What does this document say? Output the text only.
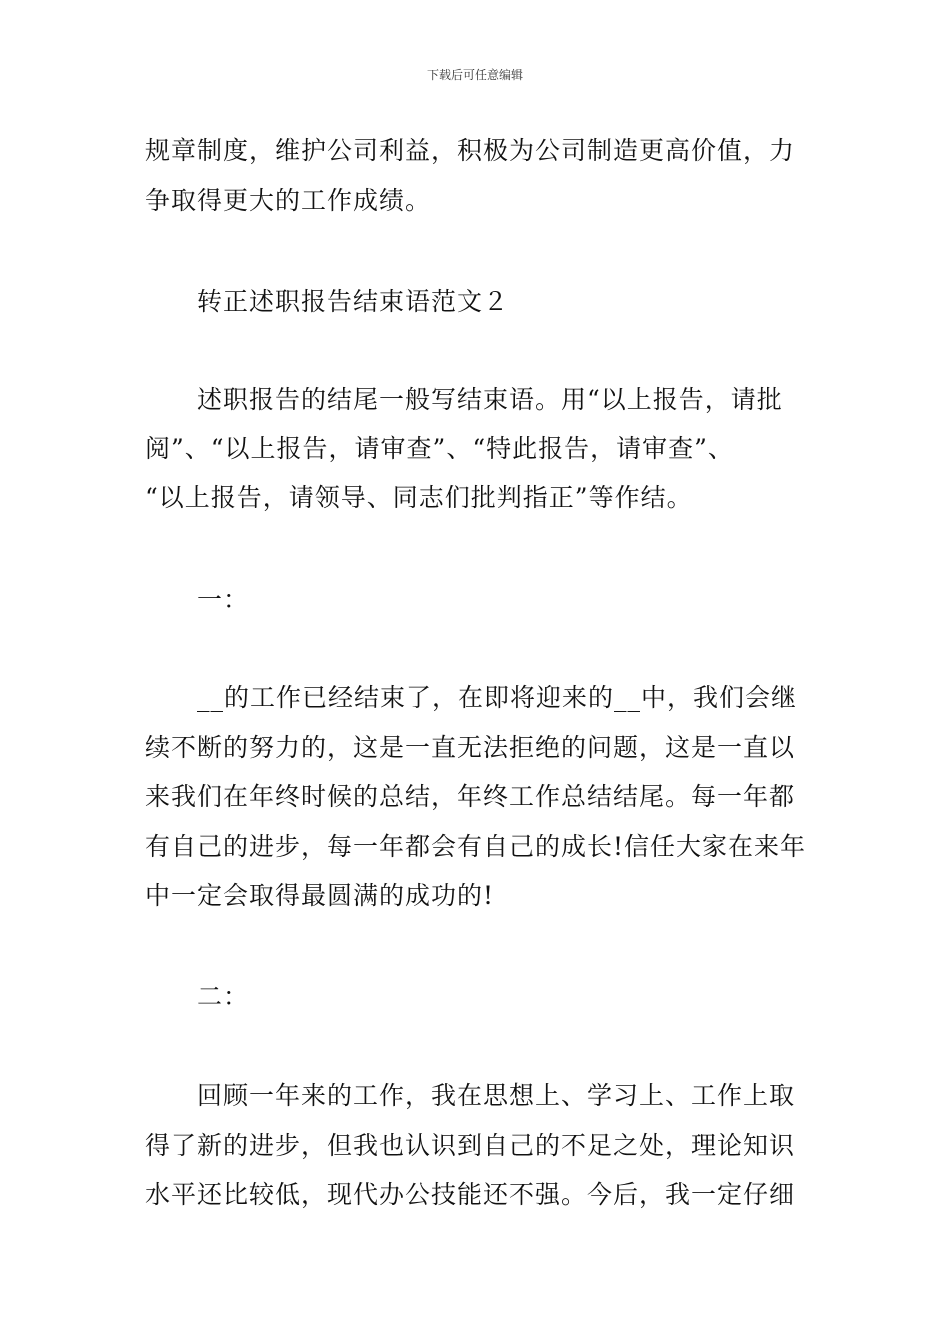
下载后可任意编辑
规章制度，维护公司利益，积极为公司制造更高价值，力
争取得更大的工作成绩。
转正述职报告结束语范文２
述职报告的结尾一般写结束语。用“以上报告，请批
阅”、“以上报告，请审查”、“特此报告，请审查”、
“以上报告，请领导、同志们批判指正”等作结。
一：
__的工作已经结束了，在即将迎来的__中，我们会继
续不断的努力的，这是一直无法拒绝的问题，这是一直以
来我们在年终时候的总结，年终工作总结结尾。每一年都
有自己的进步，每一年都会有自己的成长!信任大家在来年
中一定会取得最圆满的成功的!
二：
回顾一年来的工作，我在思想上、学习上、工作上取
得了新的进步，但我也认识到自己的不足之处，理论知识
水平还比较低，现代办公技能还不强。今后，我一定仔细
